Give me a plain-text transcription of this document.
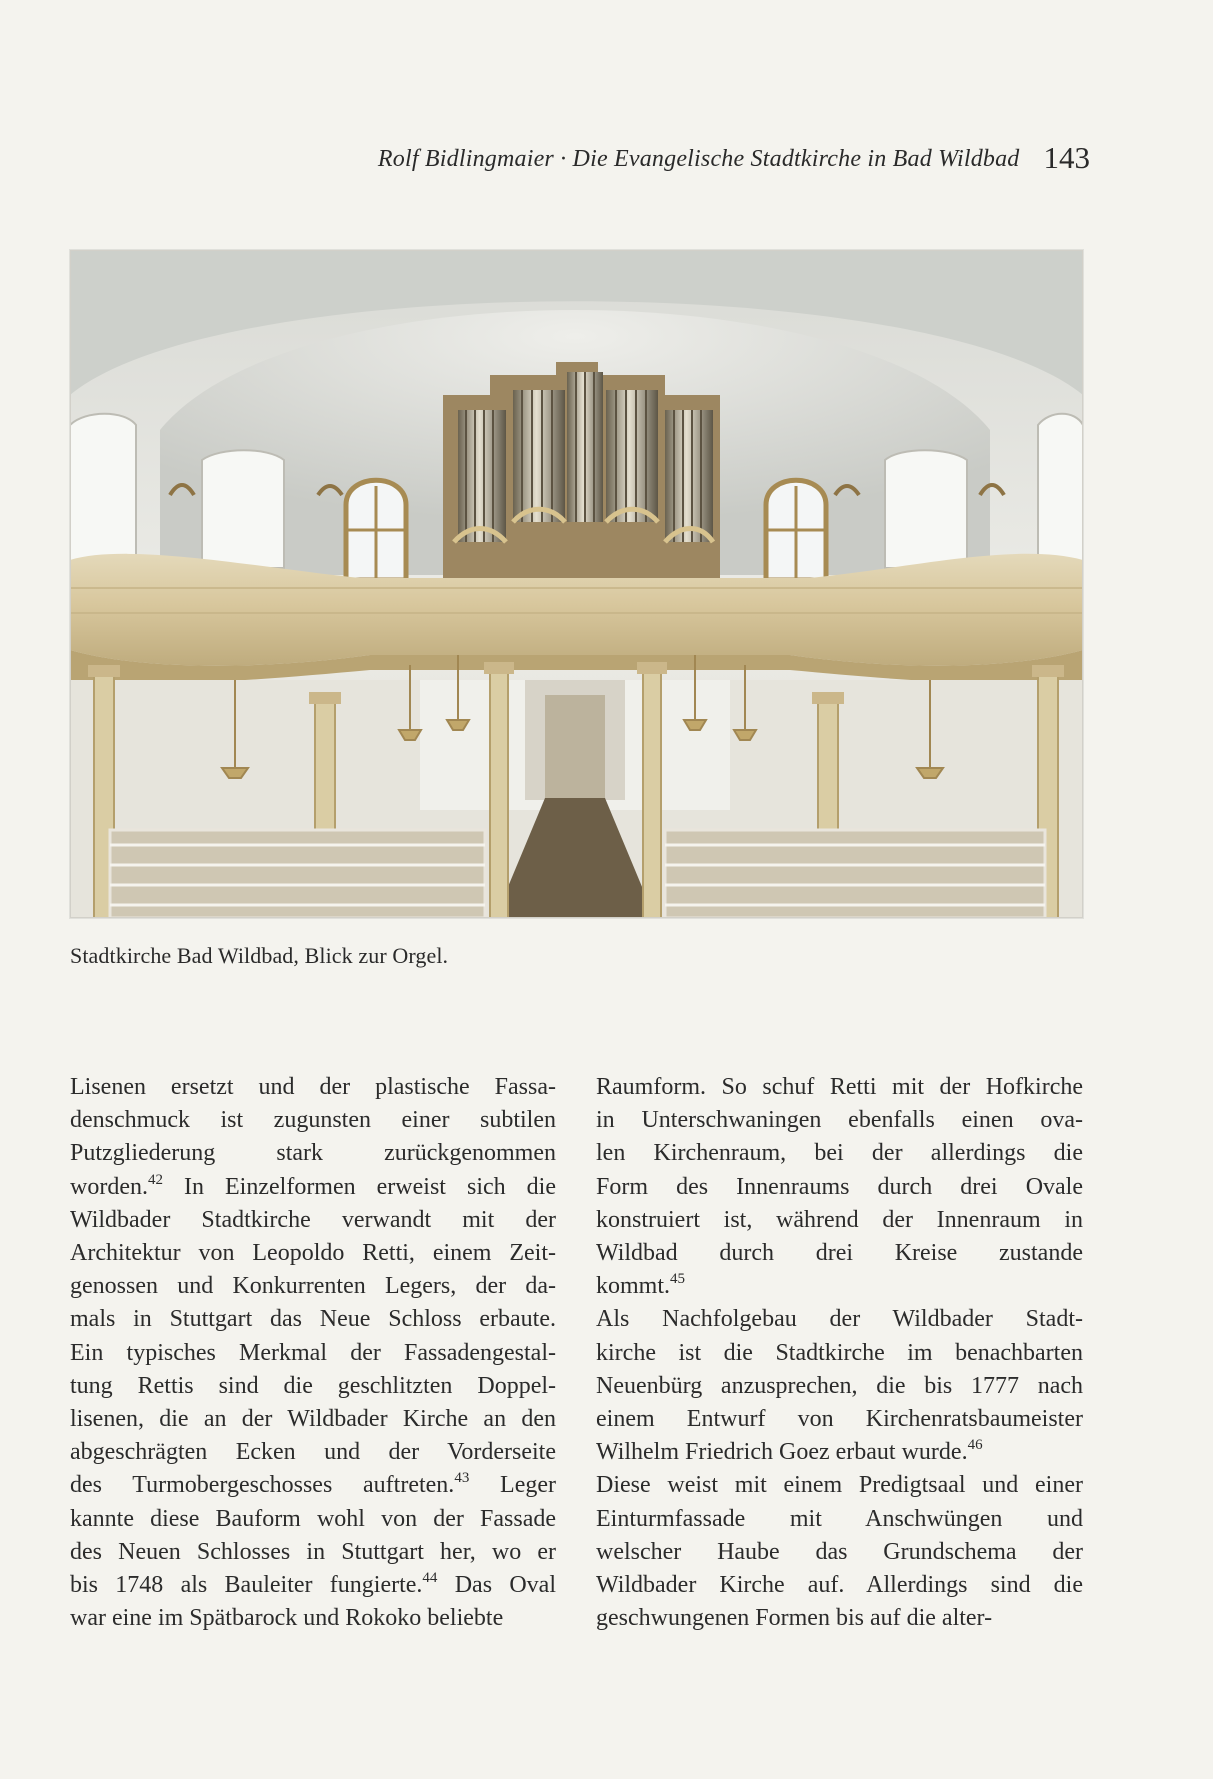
Rolf Bidlingmaier · Die Evangelische Stadtkirche in Bad Wildbad 143
Stadtkirche Bad Wildbad, Blick zur Orgel.
Lisenen ersetzt und der plastische Fassa-
denschmuck ist zugunsten einer subtilen
Putzgliederung stark zurückgenommen
worden.$^{42}$ In Einzelformen erweist sich die
Wildbader Stadtkirche verwandt mit der
Architektur von Leopoldo Retti, einem Zeit-
genossen und Konkurrenten Legers, der da-
mals in Stuttgart das Neue Schloss erbaute.
Ein typisches Merkmal der Fassadengestal-
tung Rettis sind die geschlitzten Doppel-
lisenen, die an der Wildbader Kirche an den
abgeschrägten Ecken und der Vorderseite
des Turmobergeschosses auftreten.$^{43}$ Leger
kannte diese Bauform wohl von der Fassade
des Neuen Schlosses in Stuttgart her, wo er
bis 1748 als Bauleiter fungierte.$^{44}$ Das Oval
war eine im Spätbarock und Rokoko beliebte
Raumform. So schuf Retti mit der Hofkirche
in Unterschwaningen ebenfalls einen ova-
len Kirchenraum, bei der allerdings die
Form des Innenraums durch drei Ovale
konstruiert ist, während der Innenraum in
Wildbad durch drei Kreise zustande
kommt.$^{45}$
Als Nachfolgebau der Wildbader Stadt-
kirche ist die Stadtkirche im benachbarten
Neuenbürg anzusprechen, die bis 1777 nach
einem Entwurf von Kirchenratsbaumeister
Wilhelm Friedrich Goez erbaut wurde.$^{46}$
Diese weist mit einem Predigtsaal und einer
Einturmfassade mit Anschwüngen und
welscher Haube das Grundschema der
Wildbader Kirche auf. Allerdings sind die
geschwungenen Formen bis auf die alter-
